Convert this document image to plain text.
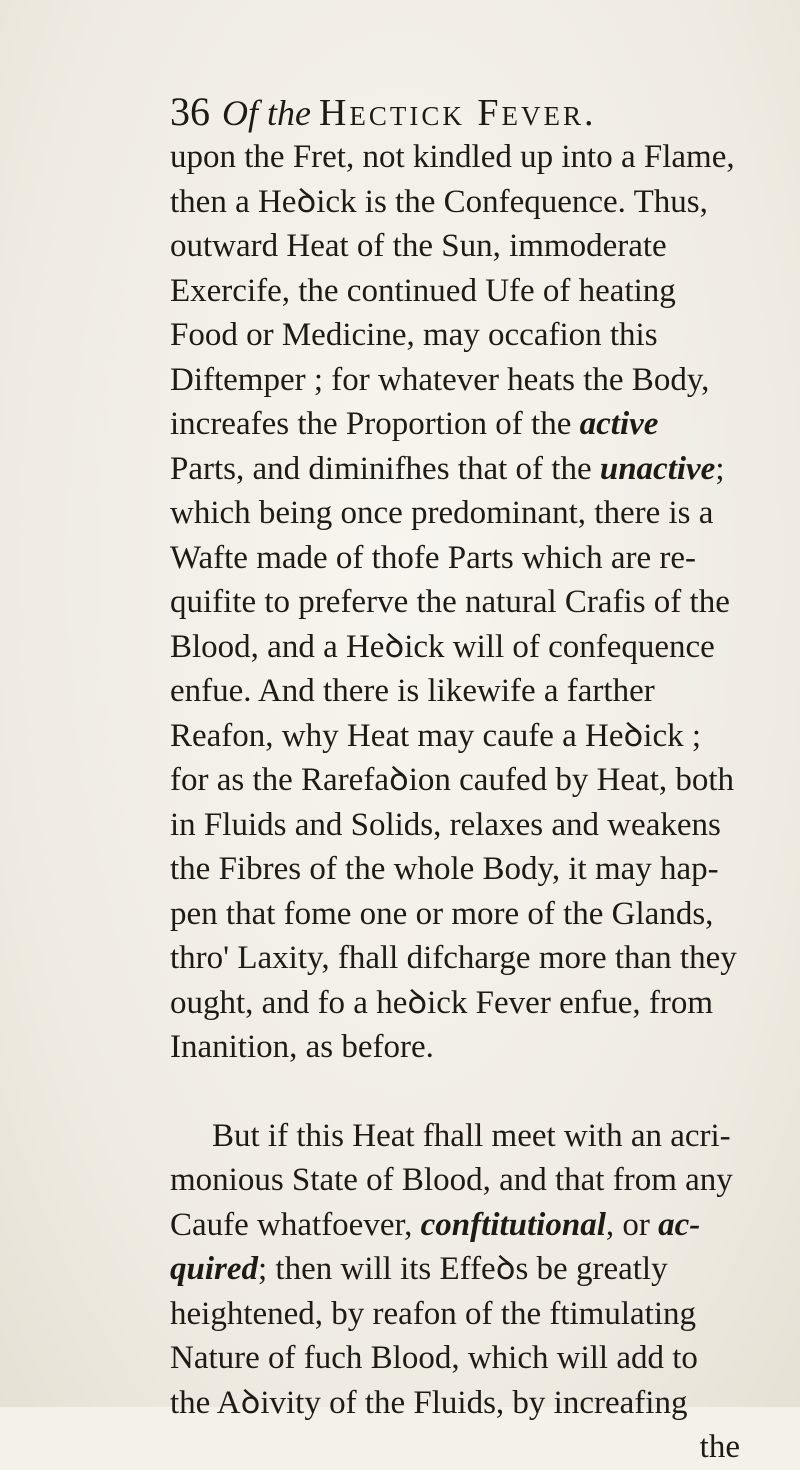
36 Of the Hectick Fever.
upon the Fret, not kindled up into a Flame,
then a Heꝺick is the Confequence. Thus,
outward Heat of the Sun, immoderate
Exercife, the continued Ufe of heating
Food or Medicine, may occafion this
Diftemper ; for whatever heats the Body,
increafes the Proportion of the
active
Parts, and diminifhes that of the
unactive ;
which being once predominant, there is a
Wafte made of thofe Parts which are re-
quifite to preferve the natural Crafis of the
Blood, and a Heꝺick will of confequence
enfue. And there is likewife a farther
Reafon, why Heat may caufe a Heꝺick ;
for as the Rarefaꝺion caufed by Heat, both
in Fluids and Solids, relaxes and weakens
the Fibres of the whole Body, it may hap-
pen that fome one or more of the Glands,
thro' Laxity, fhall difcharge more than they
ought, and fo a heꝺick Fever enfue, from
Inanition, as before.
But if this Heat fhall meet with an acri-
monious State of Blood, and that from any
Caufe whatfoever,
conftitutional , or
ac-
quired ; then will its Effeꝺs be greatly
heightened, by reafon of the ftimulating
Nature of fuch Blood, which will add to
the Aꝺivity of the Fluids, by increafing
the
